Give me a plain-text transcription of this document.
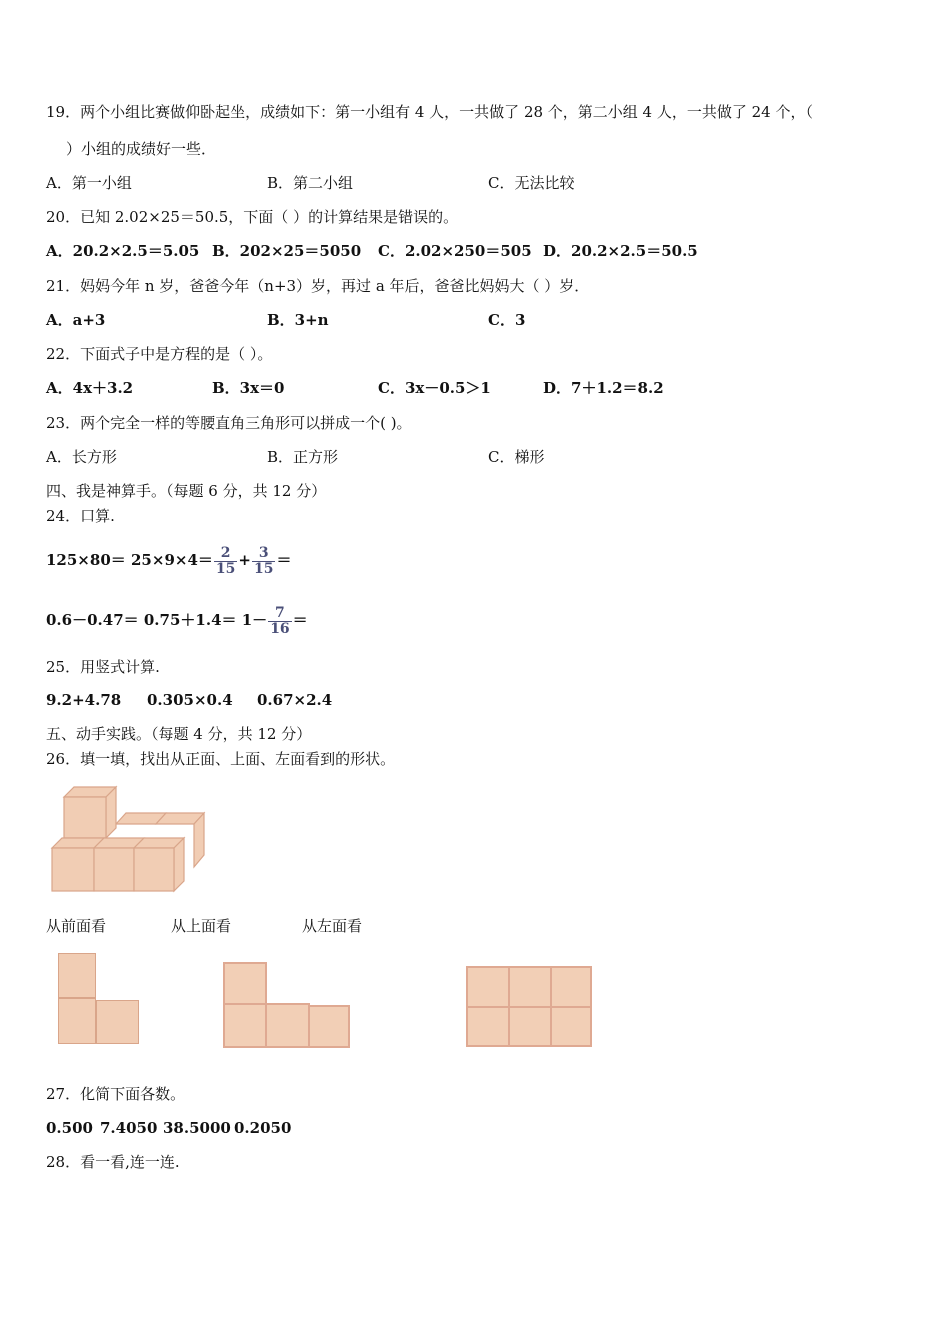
19．两个小组比赛做仰卧起坐，成绩如下：第一小组有 4 人，一共做了 28 个，第二小组 4 人，一共做了 24 个，（
）小组的成绩好一些．
A．第一小组	B．第二小组	C．无法比较
20．已知 2.02×25＝50.5，下面（ ）的计算结果是错误的。
A．20.2×2.5＝5.05 B．202×25＝5050 C．2.02×250＝505 D．20.2×2.5＝50.5
21．妈妈今年 n 岁，爸爸今年（n+3）岁，再过 a 年后，爸爸比妈妈大（ ）岁．
A．a+3	B．3+n	C．3
22．下面式子中是方程的是（ ）。
A．4x＋3.2	B．3x＝0	C．3x－0.5＞1	D．7＋1.2＝8.2
23．两个完全一样的等腰直角三角形可以拼成一个( )。
A．长方形	B．正方形	C．梯形
四、我是神算手。（每题 6 分，共 12 分）
24．口算.
$125\times 80= 25\times 9\times 4= \frac{2}{15} + \frac{3}{15}$ ＝
$0.6-0.47= 0.75+1.4= 1- \frac{7}{16}$ ＝
25．用竖式计算.
9.2+4.78 0.305×0.4 0.67×2.4
五、动手实践。（每题 4 分，共 12 分）
26．填一填，找出从正面、上面、左面看到的形状。
从前面看	从上面看	从左面看
27．化简下面各数。
0.500 7.4050 38.5000 0.2050
28．看一看,连一连.
